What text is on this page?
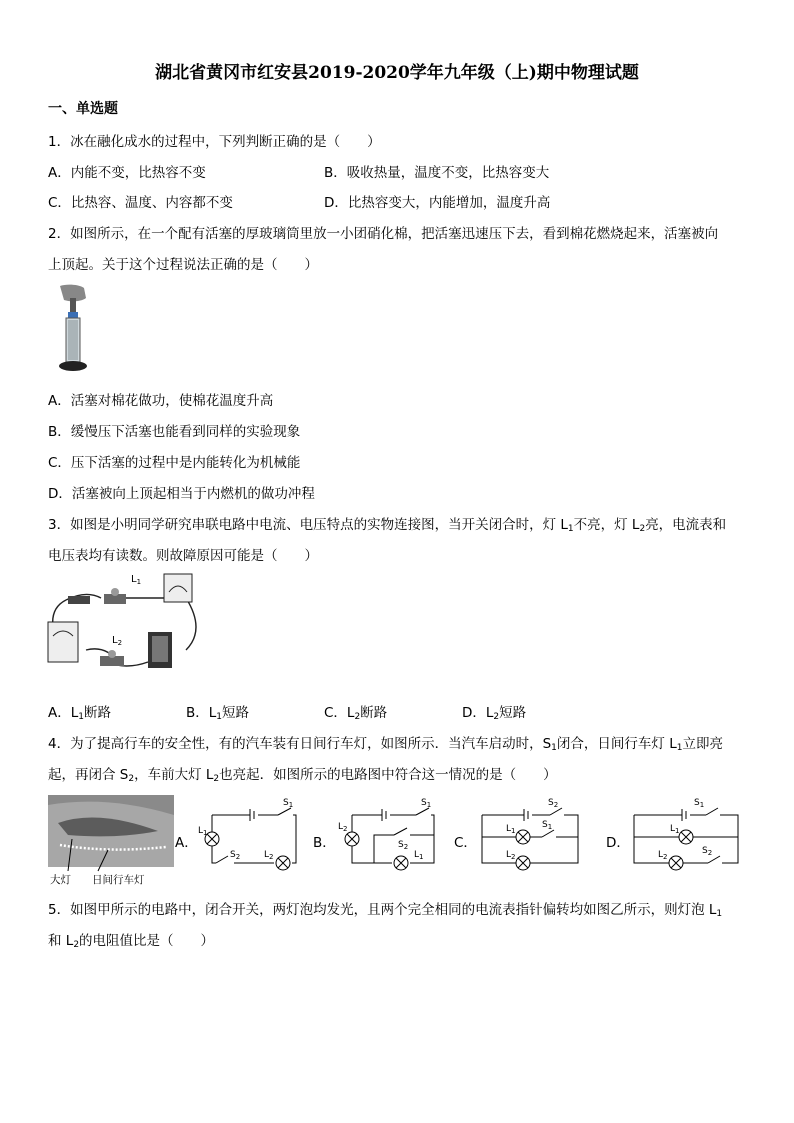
湖北省黄冈市红安县2019-2020学年九年级（上)期中物理试题
一、单选题
1．冰在融化成水的过程中，下列判断正确的是（　　）
A．内能不变，比热容不变	B．吸收热量，温度不变，比热容变大
C．比热容、温度、内容都不变	D．比热容变大，内能增加，温度升高
2．如图所示，在一个配有活塞的厚玻璃筒里放一小团硝化棉，把活塞迅速压下去，看到棉花燃烧起来，活塞被向
上顶起。关于这个过程说法正确的是（　　）
A．活塞对棉花做功，使棉花温度升高
B．缓慢压下活塞也能看到同样的实验现象
C．压下活塞的过程中是内能转化为机械能
D．活塞被向上顶起相当于内燃机的做功冲程
3．如图是小明同学研究串联电路中电流、电压特点的实物连接图，当开关闭合时，灯 $L_1$不亮，灯 $L_2$亮，电流表和
电压表均有读数。则故障原因可能是（　　）
$L_1$
$L_2$
A．$L_1$断路	B．$L_1$短路	C．$L_2$断路	D．$L_2$短路
4．为了提高行车的安全性，有的汽车装有日间行车灯，如图所示．当汽车启动时，$S_1$闭合，日间行车灯 $L_1$立即亮
起，再闭合 $S_2$，车前大灯 $L_2$也亮起．如图所示的电路图中符合这一情况的是（　　）
大灯 日间行车灯
A．
$S_1$
$L_1$
$S_2$	$L_2$
B．
$S_1$
$L_2$
$S_2$
$L_1$
C．
$S_2$
$L_1$
$S_1$
$L_2$
D．
$S_1$
$L_1$
$L_2$
$S_2$
5．如图甲所示的电路中，闭合开关，两灯泡均发光，且两个完全相同的电流表指针偏转均如图乙所示，则灯泡 $L_1$
和 $L_2$的电阻值比是（　　）
